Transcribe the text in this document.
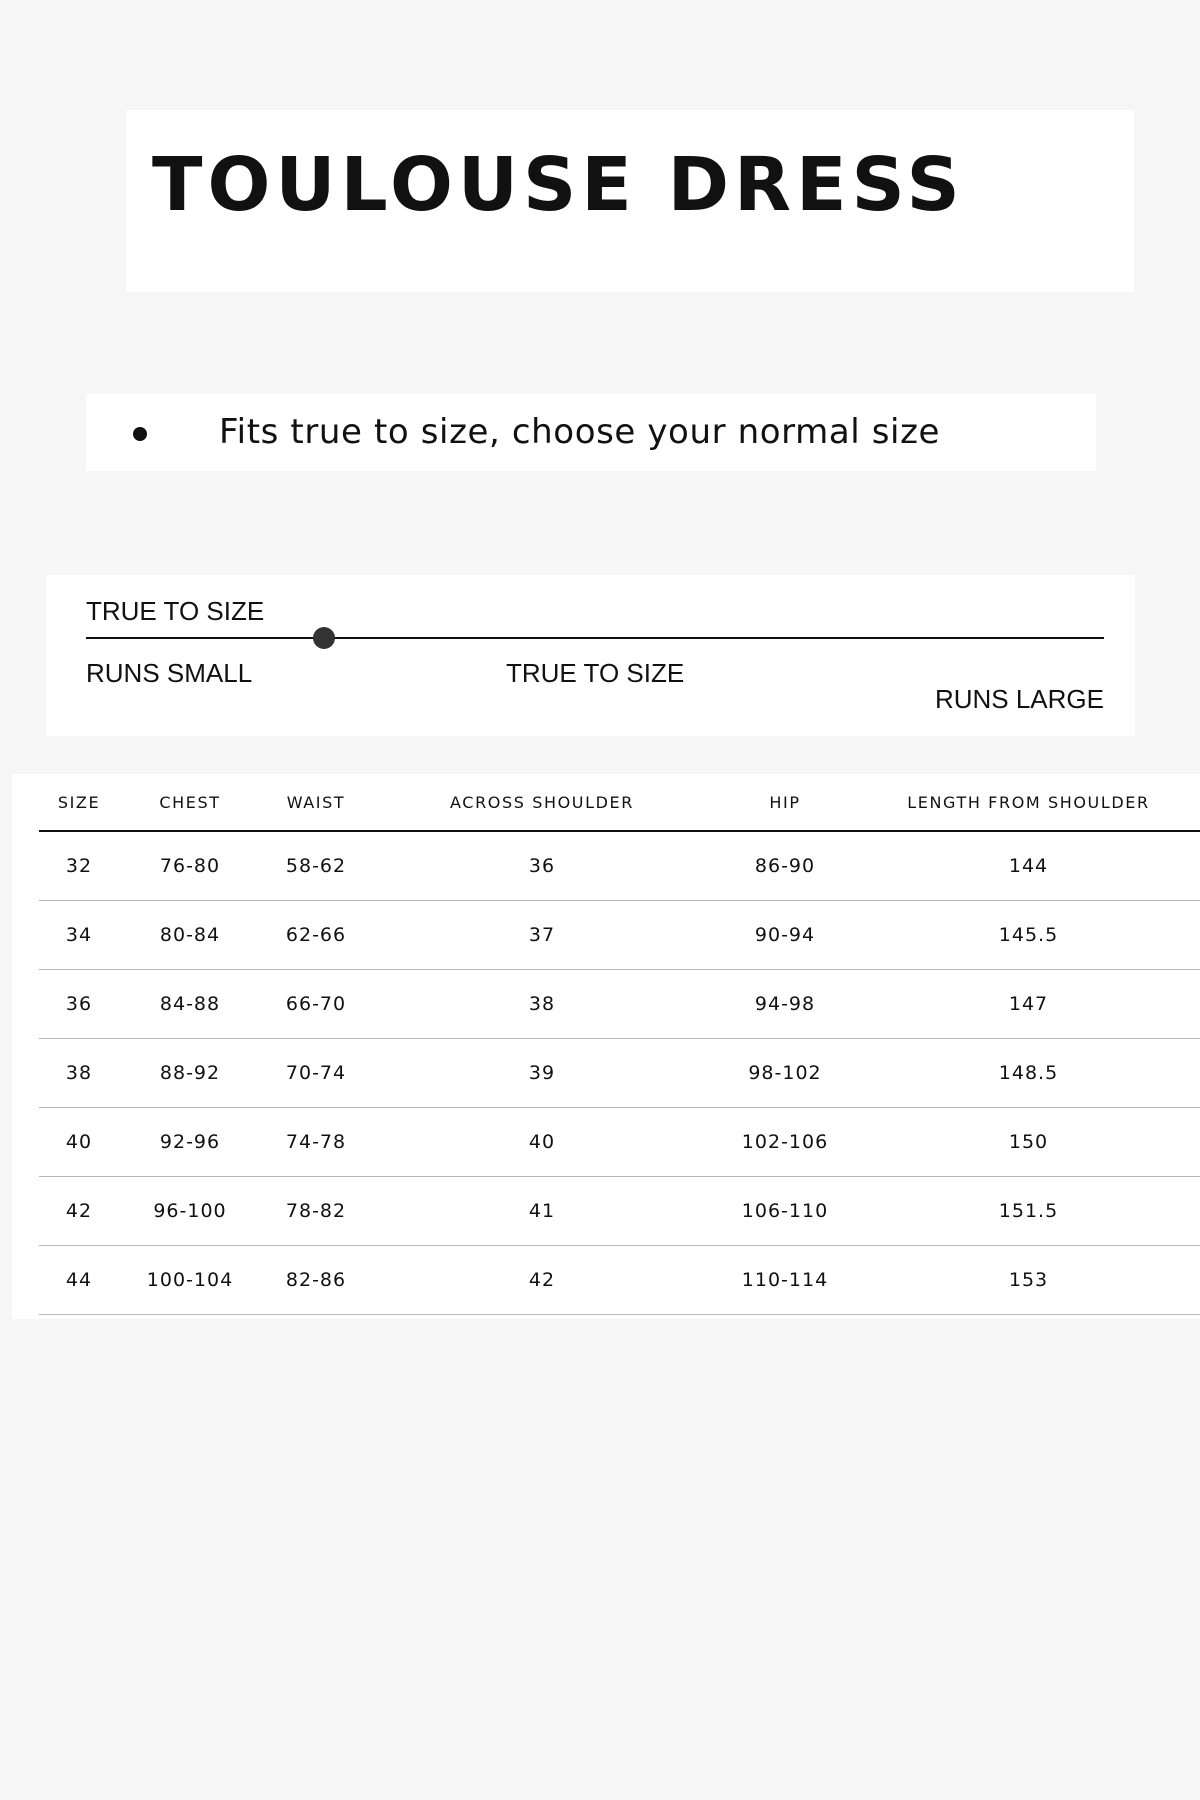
TOULOUSE DRESS
Fits true to size, choose your normal size
TRUE TO SIZE
RUNS SMALL	TRUE TO SIZE
RUNS LARGE
SIZE	CHEST	WAIST	ACROSS SHOULDER	HIP	LENGTH FROM SHOULDER
32	76-80	58-62	36	86-90	144
34	80-84	62-66	37	90-94	145.5
36	84-88	66-70	38	94-98	147
38	88-92	70-74	39	98-102	148.5
40	92-96	74-78	40	102-106	150
42	96-100	78-82	41	106-110	151.5
44	100-104	82-86	42	110-114	153
